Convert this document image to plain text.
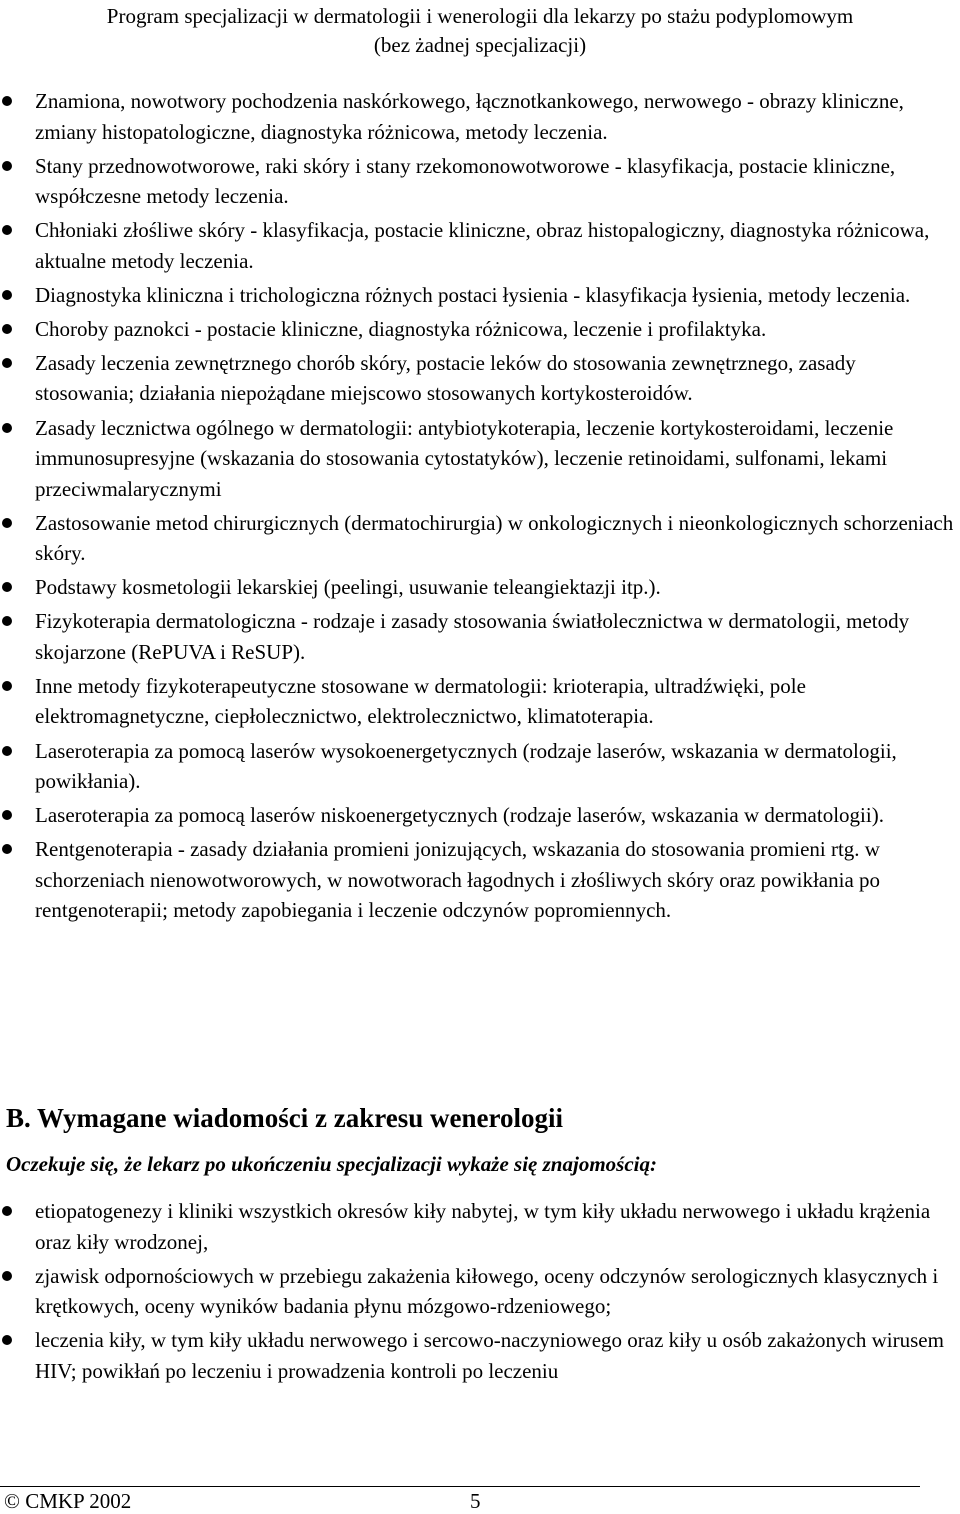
Program specjalizacji w dermatologii i wenerologii dla lekarzy po stażu podyplomowym
(bez żadnej specjalizacji)
Znamiona, nowotwory pochodzenia naskórkowego, łącznotkankowego, nerwowego - obrazy kliniczne, zmiany histopatologiczne, diagnostyka różnicowa, metody leczenia.
Stany przednowotworowe, raki skóry i stany rzekomonowotworowe - klasyfikacja, postacie kliniczne, współczesne metody leczenia.
Chłoniaki złośliwe skóry - klasyfikacja, postacie kliniczne, obraz histopalogiczny, diagnostyka różnicowa, aktualne metody leczenia.
Diagnostyka kliniczna i trichologiczna różnych postaci łysienia - klasyfikacja łysienia, metody leczenia.
Choroby paznokci - postacie kliniczne, diagnostyka różnicowa, leczenie i profilaktyka.
Zasady leczenia zewnętrznego chorób skóry, postacie leków do stosowania zewnętrznego, zasady stosowania; działania niepożądane miejscowo stosowanych kortykosteroidów.
Zasady lecznictwa ogólnego w dermatologii: antybiotykoterapia, leczenie kortykosteroidami, leczenie immunosupresyjne (wskazania do stosowania cytostatyków), leczenie retinoidami, sulfonami, lekami przeciwmalarycznymi
Zastosowanie metod chirurgicznych (dermatochirurgia) w onkologicznych i nieonkologicznych schorzeniach skóry.
Podstawy kosmetologii lekarskiej (peelingi, usuwanie teleangiektazji itp.).
Fizykoterapia dermatologiczna - rodzaje i zasady stosowania światłolecznictwa w dermatologii, metody skojarzone (RePUVA i ReSUP).
Inne metody fizykoterapeutyczne stosowane w dermatologii: krioterapia, ultradźwięki, pole elektromagnetyczne, ciepłolecznictwo, elektrolecznictwo, klimatoterapia.
Laseroterapia za pomocą laserów wysokoenergetycznych (rodzaje laserów, wskazania w dermatologii, powikłania).
Laseroterapia za pomocą laserów niskoenergetycznych (rodzaje laserów, wskazania w dermatologii).
Rentgenoterapia - zasady działania promieni jonizujących, wskazania do stosowania promieni rtg. w schorzeniach nienowotworowych, w nowotworach łagodnych i złośliwych skóry oraz powikłania po rentgenoterapii; metody zapobiegania i leczenie odczynów popromiennych.
B. Wymagane wiadomości z zakresu wenerologii

Oczekuje się, że lekarz po ukończeniu specjalizacji wykaże się znajomością:

etiopatogenezy i kliniki wszystkich okresów kiły nabytej, w tym kiły układu nerwowego i układu krążenia oraz kiły wrodzonej,
zjawisk odpornościowych w przebiegu zakażenia kiłowego, oceny odczynów serologicznych klasycznych i krętkowych, oceny wyników badania płynu mózgowo-rdzeniowego;
leczenia kiły, w tym kiły układu nerwowego i sercowo-naczyniowego oraz kiły u osób zakażonych wirusem HIV; powikłań po leczeniu i prowadzenia kontroli po leczeniu
© CMKP 2002	5
